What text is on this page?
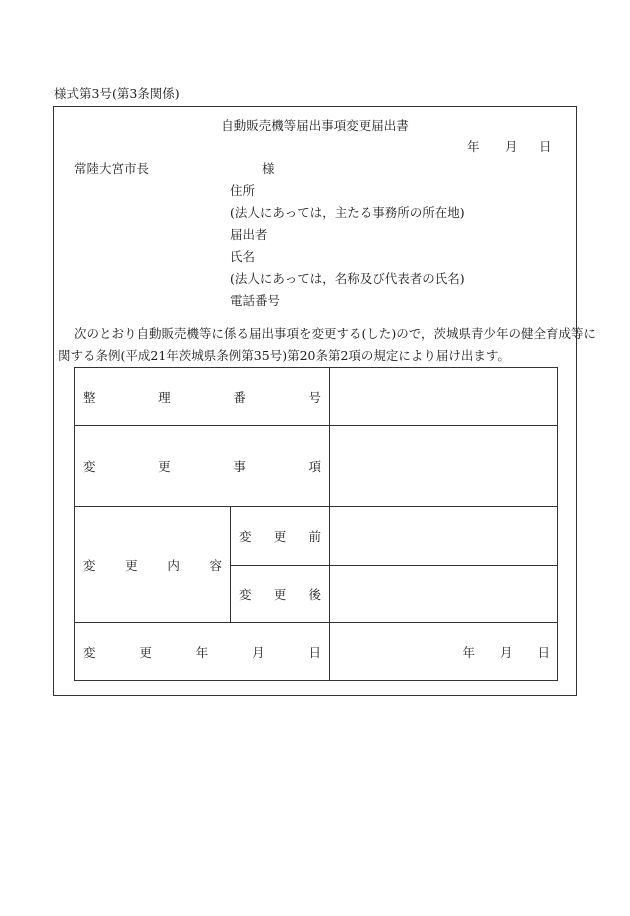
様式第3号(第3条関係)
自動販売機等届出事項変更届出書
年 月 日
常陸大宮市長	様
住所
(法人にあっては，主たる事務所の所在地)
届出者
氏名
(法人にあっては，名称及び代表者の氏名)
電話番号
次のとおり自動販売機等に係る届出事項を変更する(した)ので，茨城県青少年の健全育成等に
関する条例(平成21年茨城県条例第35号)第20条第2項の規定により届け出ます。
整 理 番 号		

変 更 事 項		

変 更 内 容	変 更 前	

	変 更 後	

変 更 年 月 日		年 月 日
